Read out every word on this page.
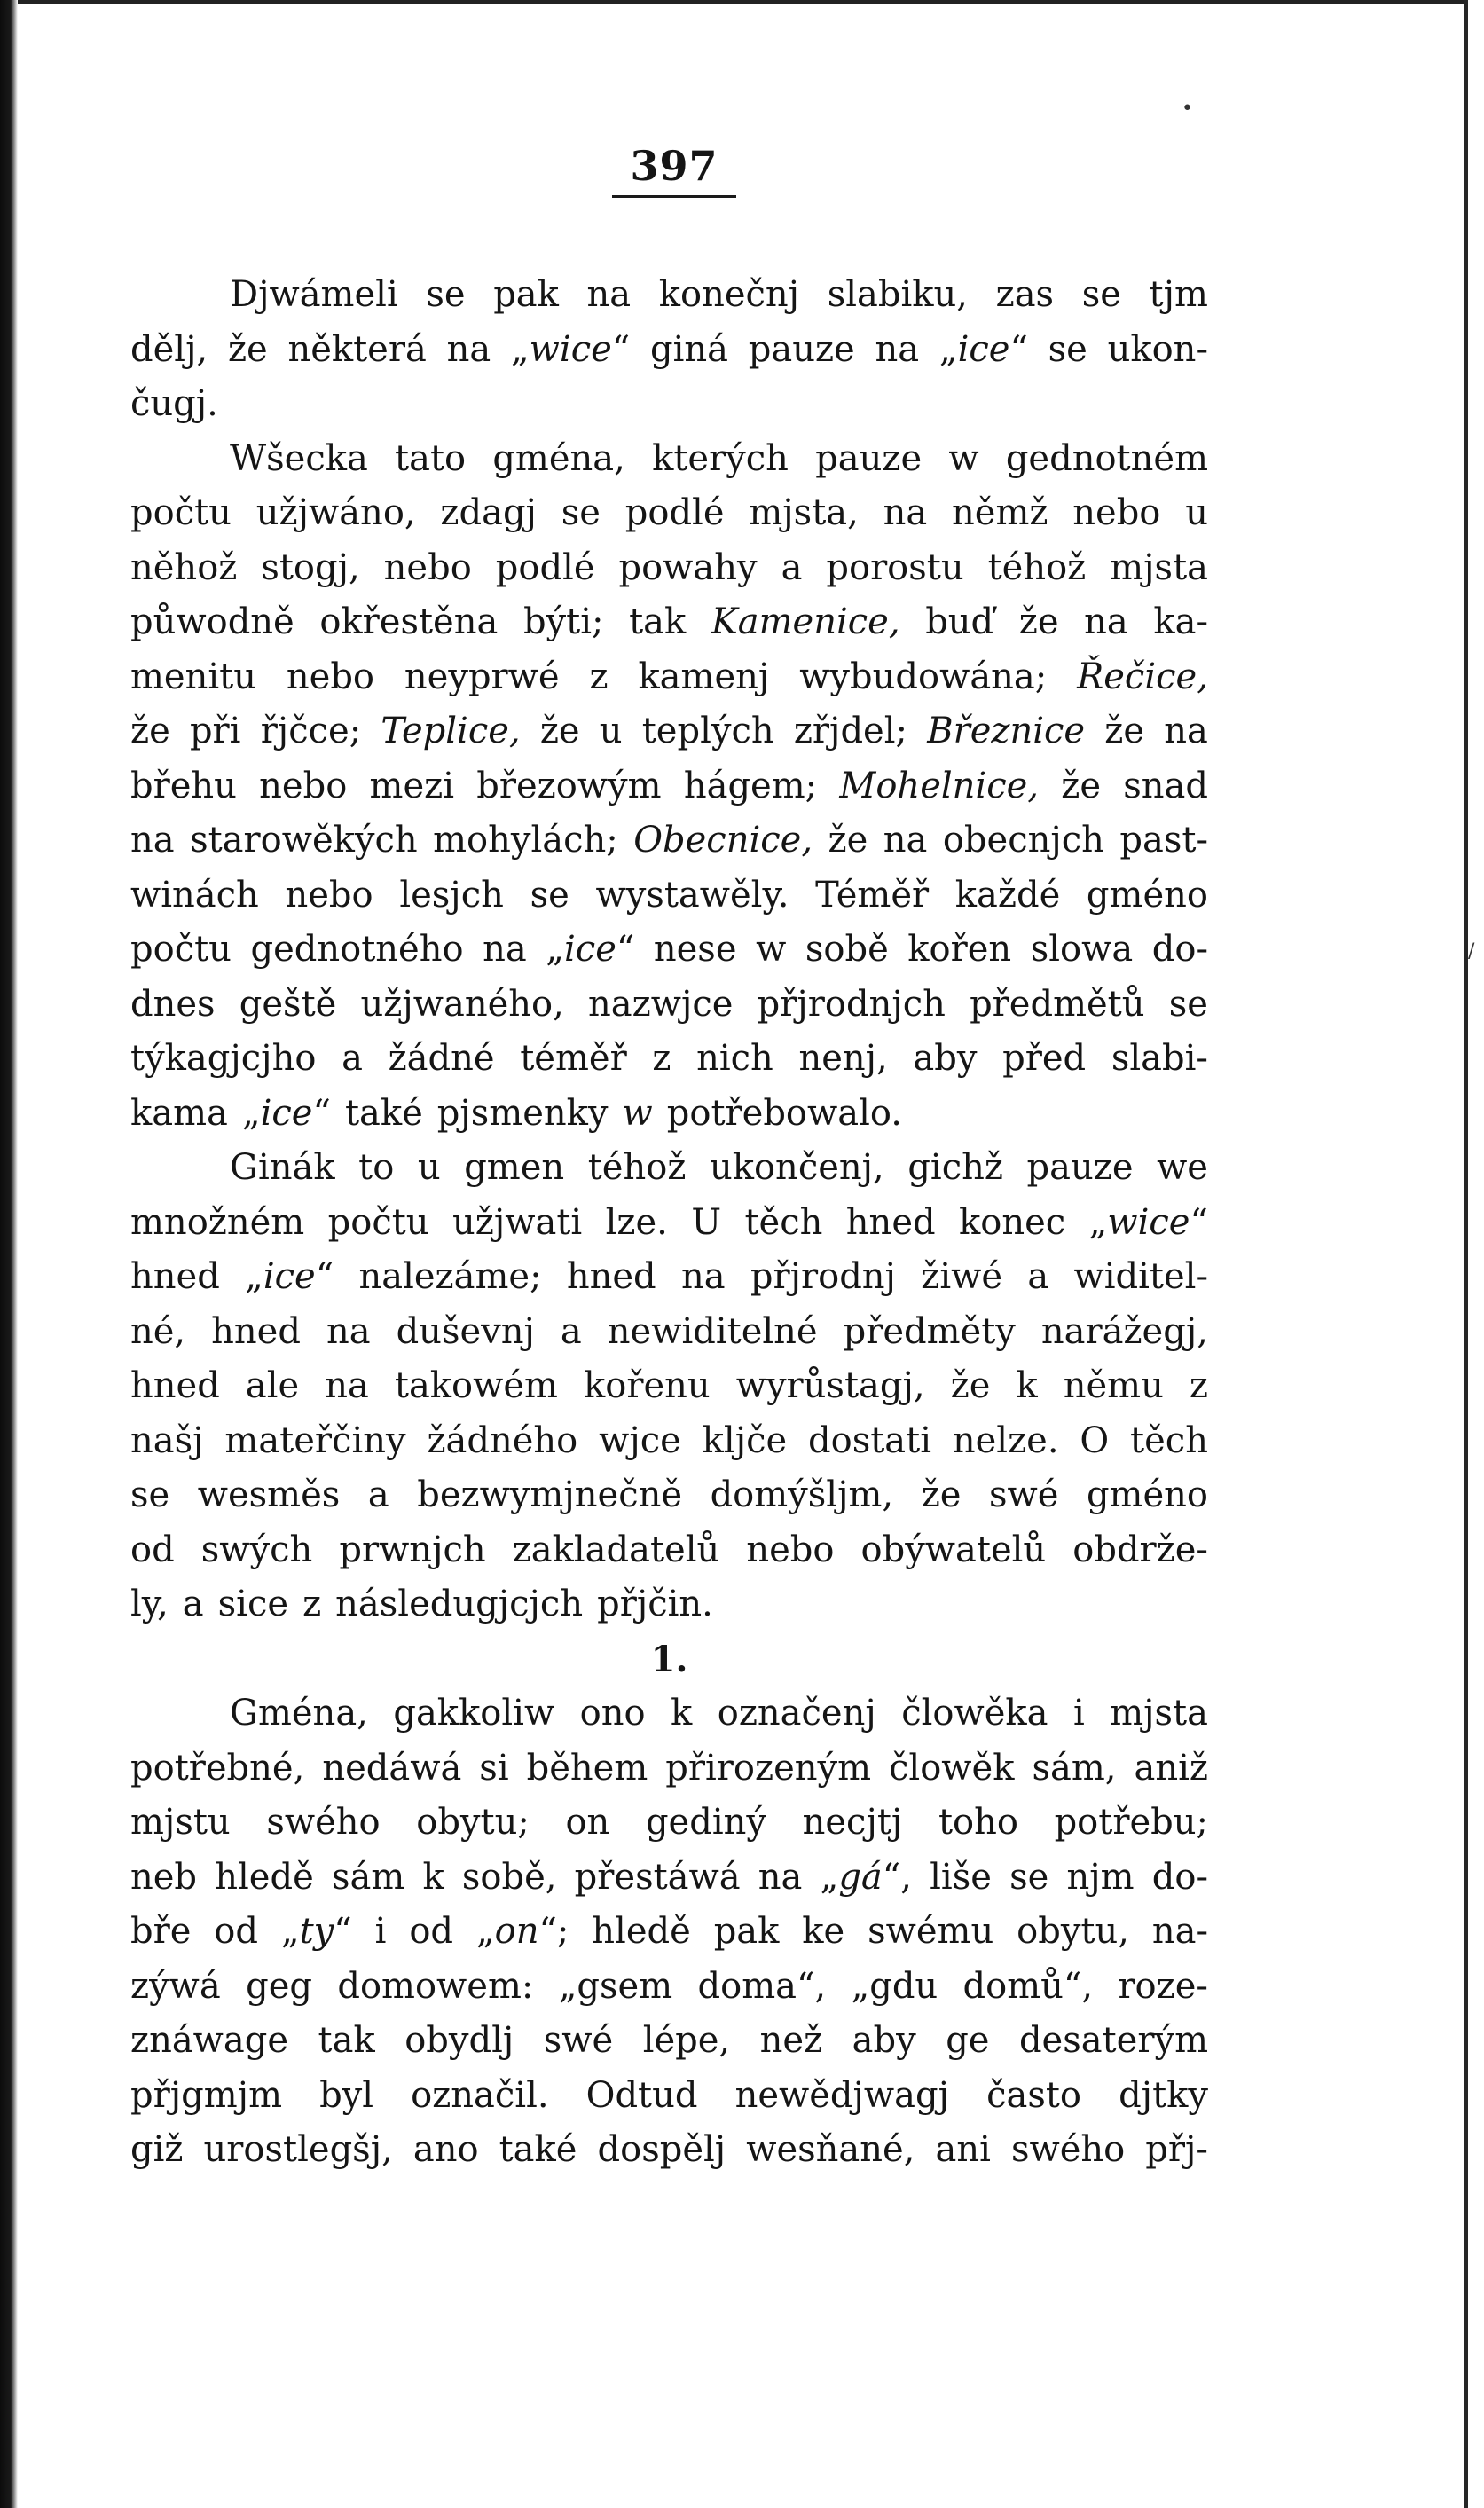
397
Djwámeli se pak na konečnj slabiku, zas se tjm
dělj, že některá na „wice“ giná pauze na „ice“ se ukon-
čugj.
Wšecka tato gména, kterých pauze w gednotném
počtu užjwáno, zdagj se podlé mjsta, na němž nebo u
něhož stogj, nebo podlé powahy a porostu téhož mjsta
půwodně okřestěna býti; tak Kamenice, buď že na ka-
menitu nebo neyprwé z kamenj wybudowána; Řečice,
že při řjčce; Teplice, že u teplých zřjdel; Březnice že na
břehu nebo mezi březowým hágem; Mohelnice, že snad
na starowěkých mohylách; Obecnice, že na obecnjch past-
winách nebo lesjch se wystawěly. Téměř každé gméno
počtu gednotného na „ice“ nese w sobě kořen slowa do-
dnes geště užjwaného, nazwjce přjrodnjch předmětů se
týkagjcjho a žádné téměř z nich nenj, aby před slabi-
kama „ice“ také pjsmenky w potřebowalo.
Ginák to u gmen téhož ukončenj, gichž pauze we
množném počtu užjwati lze. U těch hned konec „wice“
hned „ice“ nalezáme; hned na přjrodnj žiwé a widitel-
né, hned na duševnj a newiditelné předměty narážegj,
hned ale na takowém kořenu wyrůstagj, že k němu z
našj mateřčiny žádného wjce kljče dostati nelze. O těch
se wesměs a bezwymjnečně domýšljm, že swé gméno
od swých prwnjch zakladatelů nebo obýwatelů obdrže-
ly, a sice z následugjcjch přjčin.
1.
Gména, gakkoliw ono k označenj člowěka i mjsta
potřebné, nedáwá si během přirozeným člowěk sám, aniž
mjstu swého obytu; on gediný necjtj toho potřebu;
neb hledě sám k sobě, přestáwá na „gá“, liše se njm do-
bře od „ty“ i od „on“; hledě pak ke swému obytu, na-
zýwá geg domowem: „gsem doma“, „gdu domů“, roze-
znáwage tak obydlj swé lépe, než aby ge desaterým
přjgmjm byl označil. Odtud newědjwagj často djtky
giž urostlegšj, ano také dospělj wesňané, ani swého přj-
•
/
